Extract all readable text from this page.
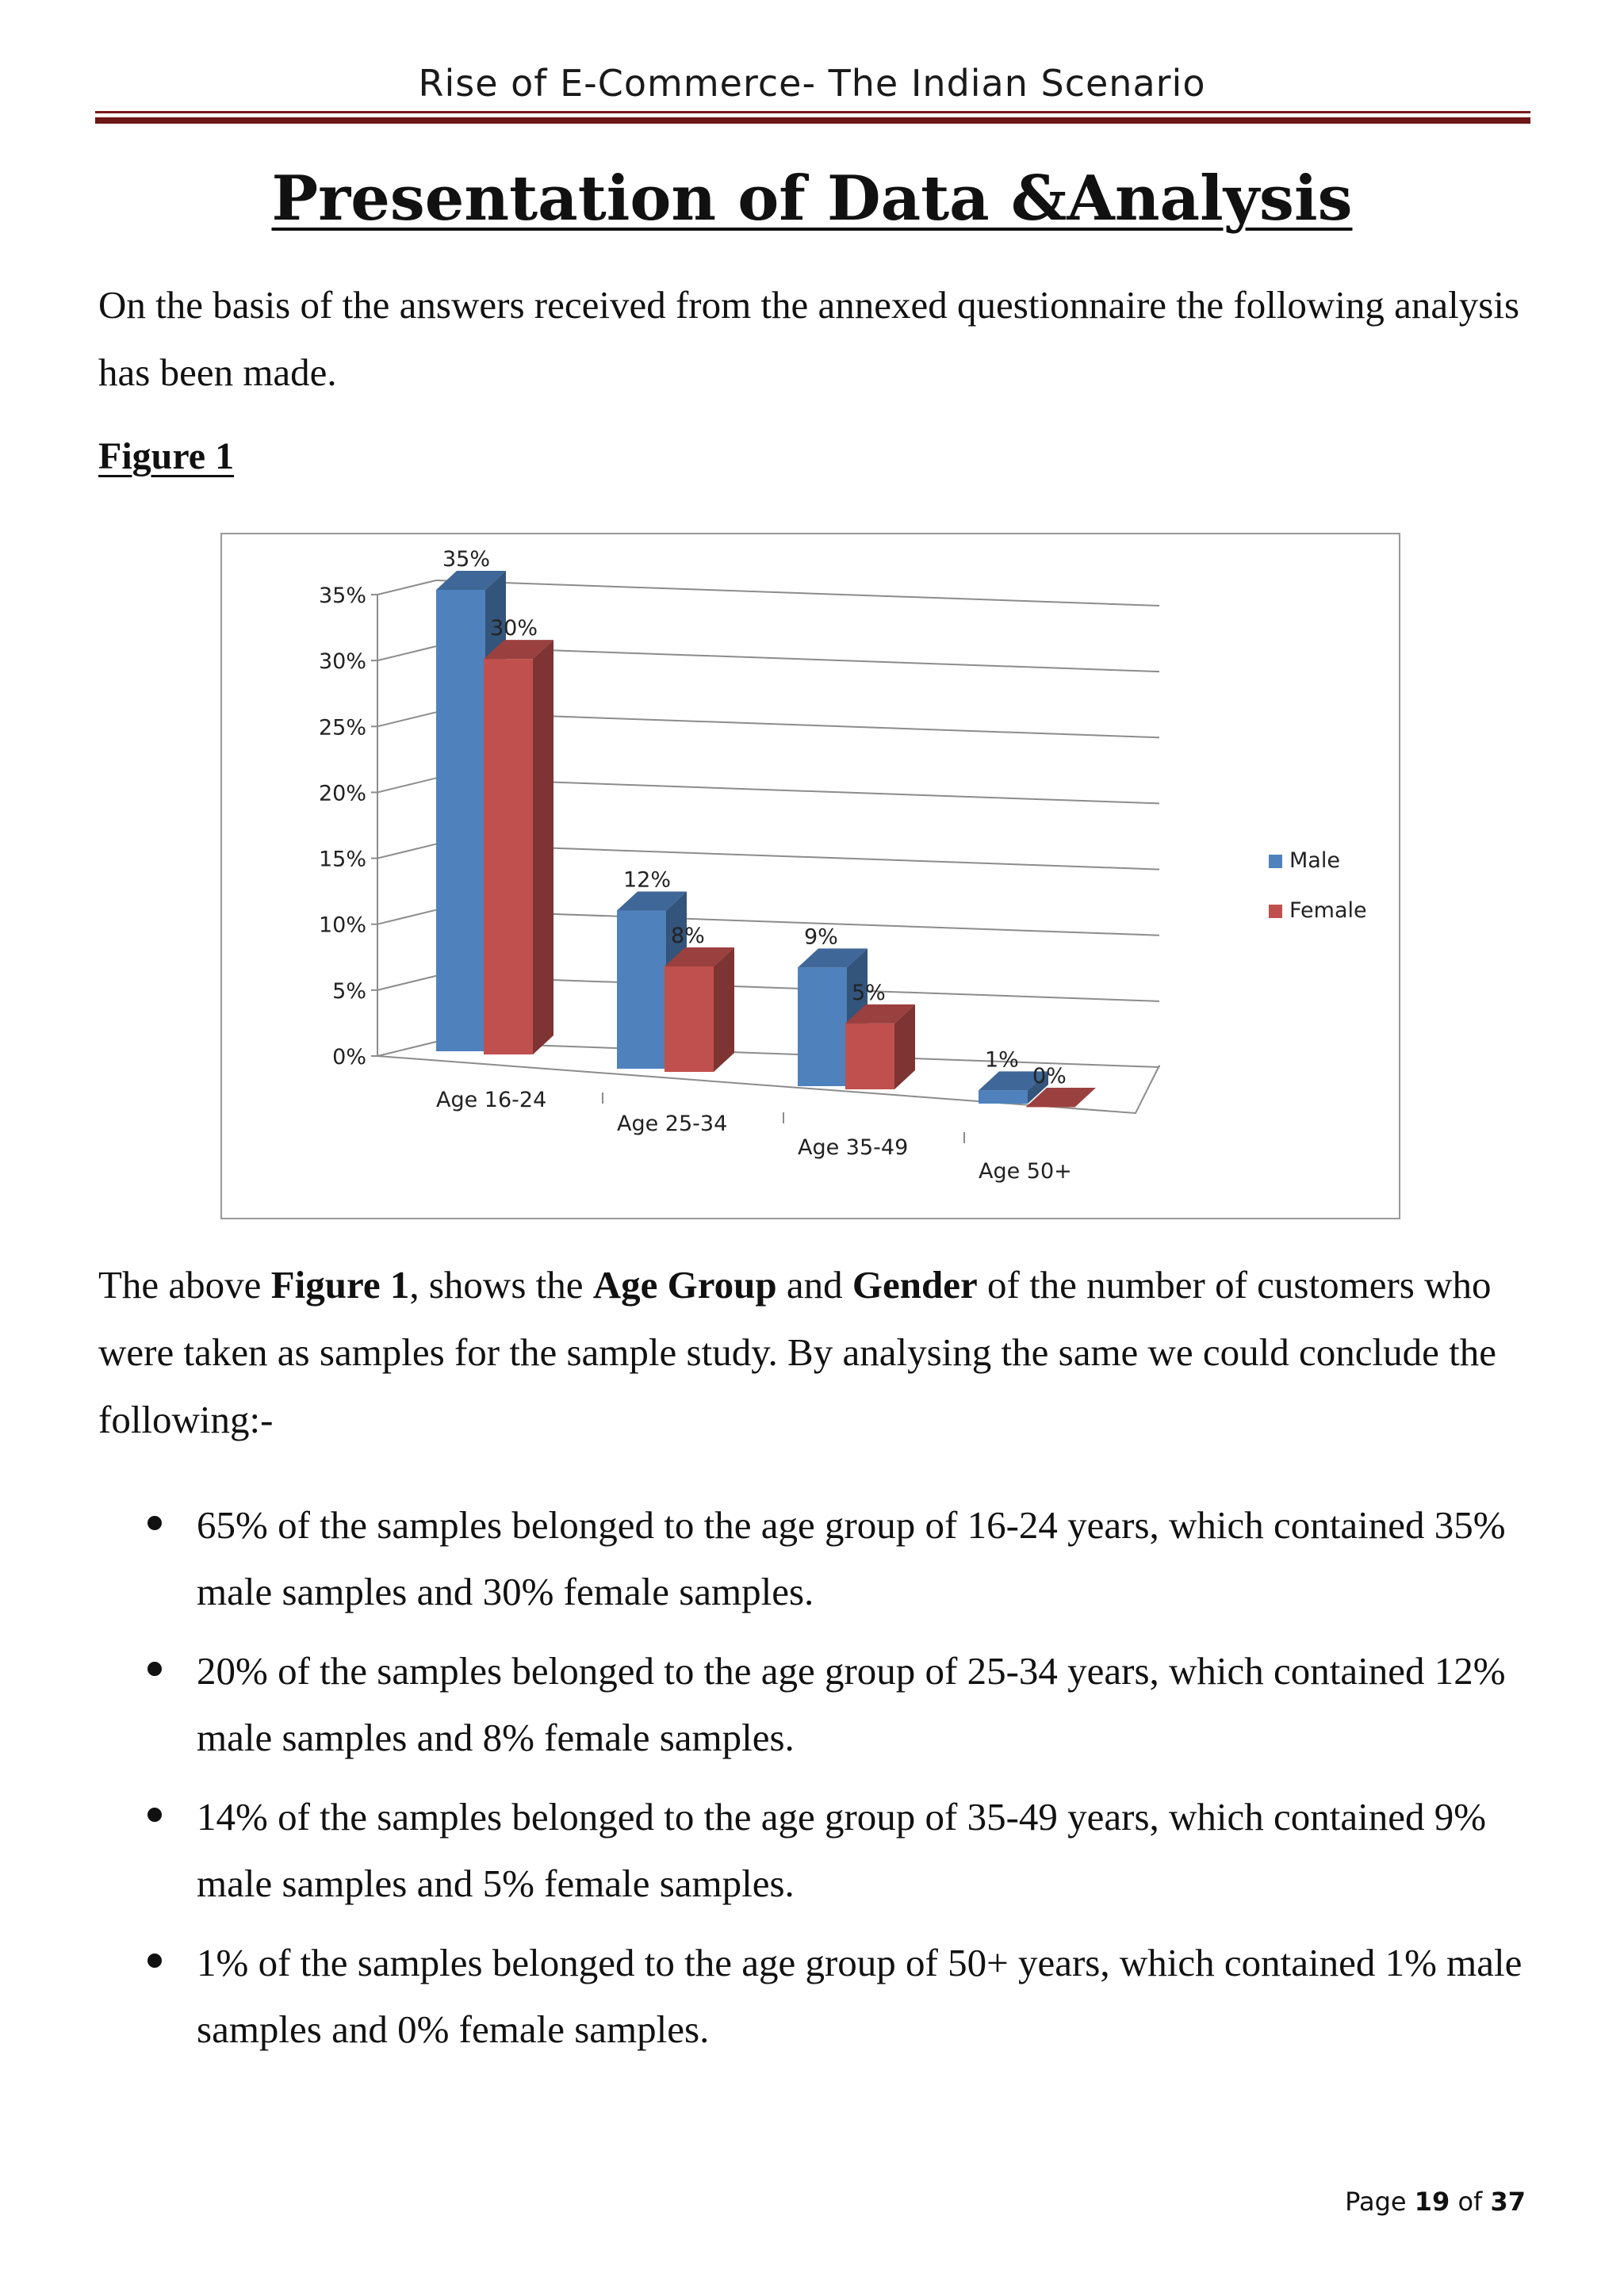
Rise of E-Commerce- The Indian Scenario
Presentation of Data &Analysis
On the basis of the answers received from the annexed questionnaire the following analysis has been made.
Figure 1
0%
5%
10%
15%
20%
25%
30%
35%
35%
30%
Age 16-24
12%
8%
Age 25-34
9%
5%
Age 35-49
1%
0%
Age 50+
Male
Female
The above Figure 1, shows the Age Group and Gender of the number of customers who were taken as samples for the sample study. By analysing the same we could conclude the following:-
65% of the samples belonged to the age group of 16-24 years, which contained 35% male samples and 30% female samples.
20% of the samples belonged to the age group of 25-34 years, which contained 12% male samples and 8% female samples.
14% of the samples belonged to the age group of 35-49 years, which contained 9% male samples and 5% female samples.
1% of the samples belonged to the age group of 50+ years, which contained 1% male samples and 0% female samples.
Page 19 of 37
